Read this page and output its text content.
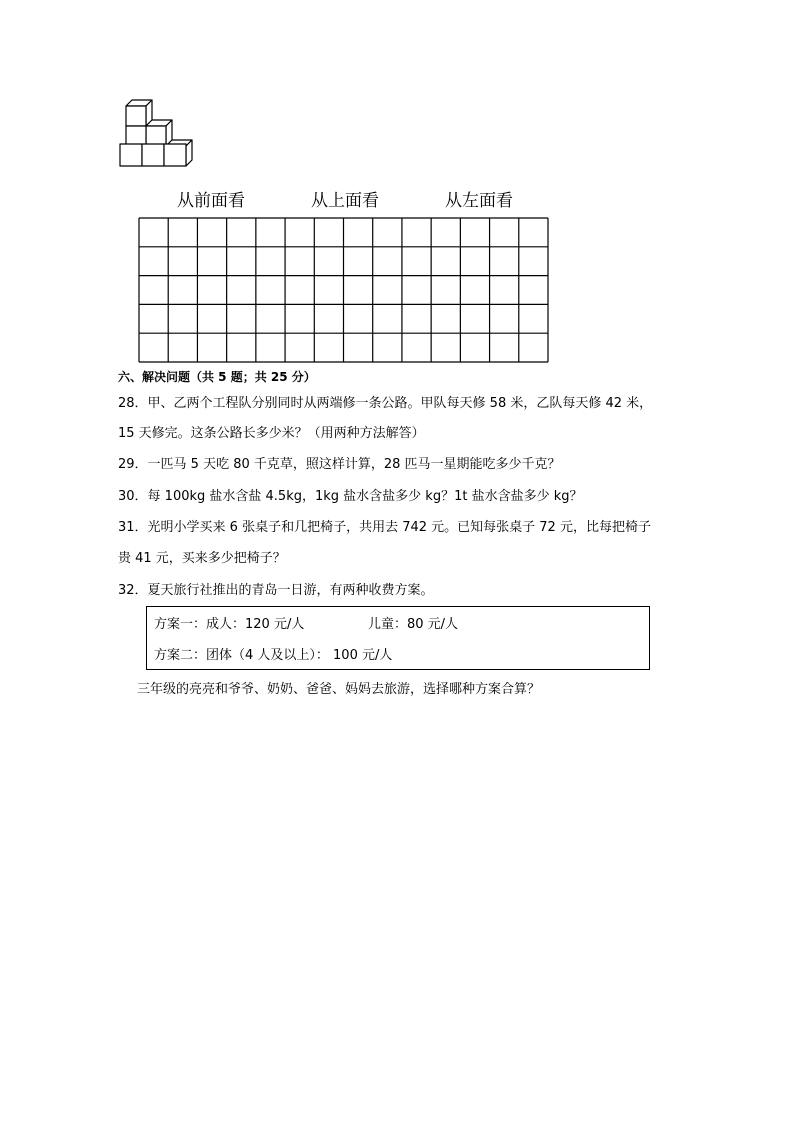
从前面看	从上面看	从左面看
六、解决问题（共 5 题；共 25 分）
28．甲、乙两个工程队分别同时从两端修一条公路。甲队每天修 58 米，乙队每天修 42 米，
15 天修完。这条公路长多少米？（用两种方法解答）
29．一匹马 5 天吃 80 千克草，照这样计算，28 匹马一星期能吃多少千克？
30．每 100kg 盐水含盐 4.5kg，1kg 盐水含盐多少 kg？1t 盐水含盐多少 kg？
31．光明小学买来 6 张桌子和几把椅子，共用去 742 元。已知每张桌子 72 元，比每把椅子
贵 41 元，买来多少把椅子？
32．夏天旅行社推出的青岛一日游，有两种收费方案。
方案一：成人：120 元/人	儿童：80 元/人
方案二：团体（4 人及以上）： 100 元/人
三年级的亮亮和爷爷、奶奶、爸爸、妈妈去旅游，选择哪种方案合算？
